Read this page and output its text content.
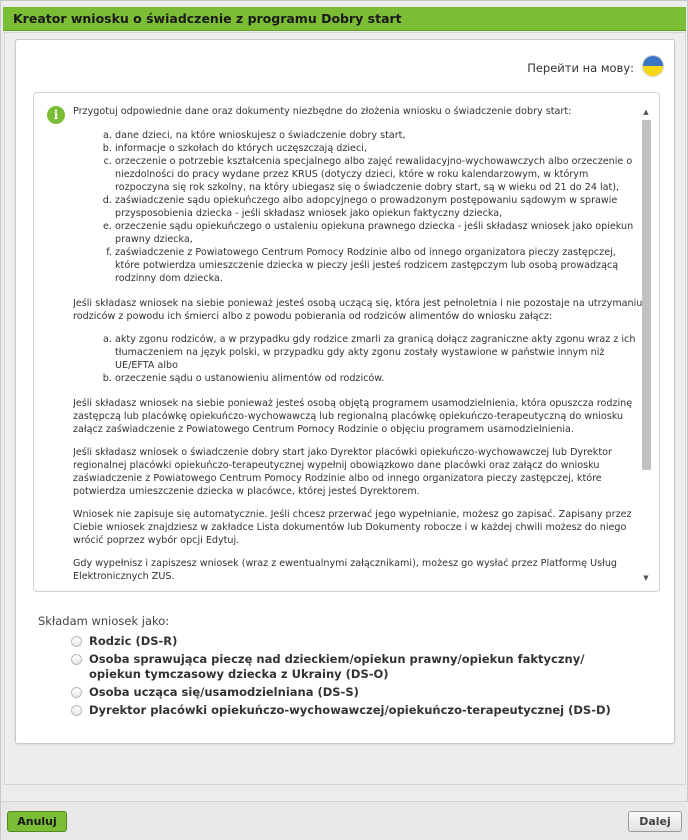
Kreator wniosku o świadczenie z programu Dobry start
Перейти на мову:
i	Przygotuj odpowiednie dane oraz dokumenty niezbędne do złożenia wniosku o świadczenie dobry start:

a. dane dzieci, na które wnioskujesz o świadczenie dobry start,
b. informacje o szkołach do których uczęszczają dzieci,
c. orzeczenie o potrzebie kształcenia specjalnego albo zajęć rewalidacyjno-wychowawczych albo orzeczenie o niezdolności do pracy wydane przez KRUS (dotyczy dzieci, które w roku kalendarzowym, w którym rozpoczyna się rok szkolny, na który ubiegasz się o świadczenie dobry start, są w wieku od 21 do 24 lat),
d. zaświadczenie sądu opiekuńczego albo adopcyjnego o prowadzonym postępowaniu sądowym w sprawie przysposobienia dziecka - jeśli składasz wniosek jako opiekun faktyczny dziecka,
e. orzeczenie sądu opiekuńczego o ustaleniu opiekuna prawnego dziecka - jeśli składasz wniosek jako opiekun prawny dziecka,
f. zaświadczenie z Powiatowego Centrum Pomocy Rodzinie albo od innego organizatora pieczy zastępczej, które potwierdza umieszczenie dziecka w pieczy jeśli jesteś rodzicem zastępczym lub osobą prowadzącą rodzinny dom dziecka.

Jeśli składasz wniosek na siebie ponieważ jesteś osobą uczącą się, która jest pełnoletnia i nie pozostaje na utrzymaniu rodziców z powodu ich śmierci albo z powodu pobierania od rodziców alimentów do wniosku załącz:

a. akty zgonu rodziców, a w przypadku gdy rodzice zmarli za granicą dołącz zagraniczne akty zgonu wraz z ich tłumaczeniem na język polski, w przypadku gdy akty zgonu zostały wystawione w państwie innym niż UE/EFTA albo
b. orzeczenie sądu o ustanowieniu alimentów od rodziców.

Jeśli składasz wniosek na siebie ponieważ jesteś osobą objętą programem usamodzielnienia, która opuszcza rodzinę zastępczą lub placówkę opiekuńczo-wychowawczą lub regionalną placówkę opiekuńczo-terapeutyczną do wniosku załącz zaświadczenie z Powiatowego Centrum Pomocy Rodzinie o objęciu programem usamodzielnienia.

Jeśli składasz wniosek o świadczenie dobry start jako Dyrektor placówki opiekuńczo-wychowawczej lub Dyrektor regionalnej placówki opiekuńczo-terapeutycznej wypełnij obowiązkowo dane placówki oraz załącz do wniosku zaświadczenie z Powiatowego Centrum Pomocy Rodzinie albo od innego organizatora pieczy zastępczej, które potwierdza umieszczenie dziecka w placówce, której jesteś Dyrektorem.

Wniosek nie zapisuje się automatycznie. Jeśli chcesz przerwać jego wypełnianie, możesz go zapisać. Zapisany przez Ciebie wniosek znajdziesz w zakładce Lista dokumentów lub Dokumenty robocze i w każdej chwili możesz do niego wrócić poprzez wybór opcji Edytuj.

Gdy wypełnisz i zapiszesz wniosek (wraz z ewentualnymi załącznikami), możesz go wysłać przez Platformę Usług Elektronicznych ZUS.

▲
▼
Składam wniosek jako:
Rodzic (DS-R)
Osoba sprawująca pieczę nad dzieckiem/opiekun prawny/opiekun faktyczny/ opiekun tymczasowy dziecka z Ukrainy (DS-O)
Osoba ucząca się/usamodzielniana (DS-S)
Dyrektor placówki opiekuńczo-wychowawczej/opiekuńczo-terapeutycznej (DS-D)
Anuluj	Dalej
